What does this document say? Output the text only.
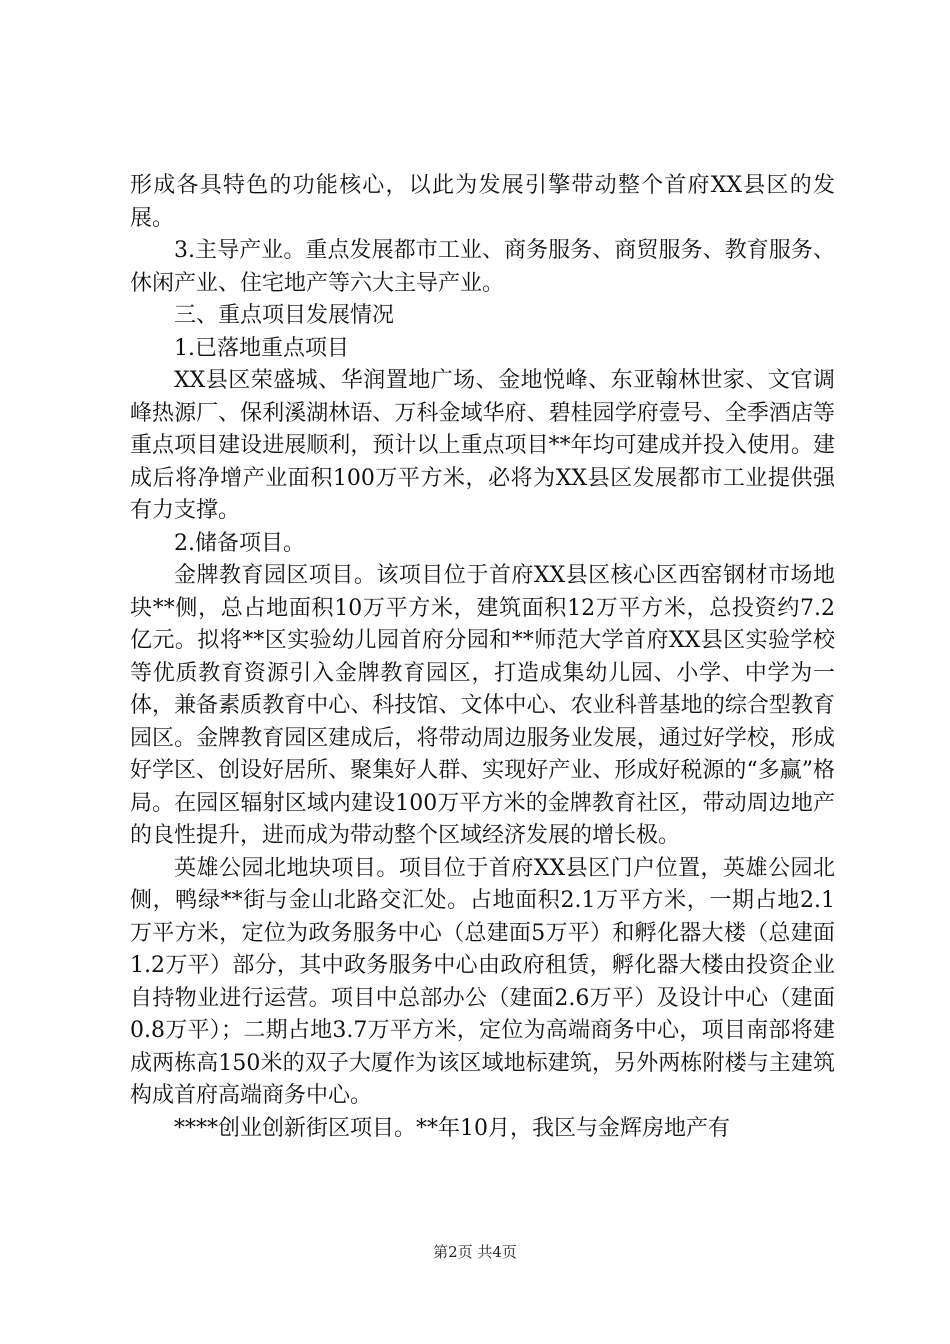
形成各具特色的功能核心，以此为发展引擎带动整个首府XX县区的发展。

3.主导产业。重点发展都市工业、商务服务、商贸服务、教育服务、休闲产业、住宅地产等六大主导产业。

三、重点项目发展情况

1.已落地重点项目

XX县区荣盛城、华润置地广场、金地悦峰、东亚翰林世家、文官调峰热源厂、保利溪湖林语、万科金域华府、碧桂园学府壹号、全季酒店等重点项目建设进展顺利，预计以上重点项目**年均可建成并投入使用。建成后将净增产业面积100万平方米，必将为XX县区发展都市工业提供强有力支撑。

2.储备项目。

金牌教育园区项目。该项目位于首府XX县区核心区西窑钢材市场地块**侧，总占地面积10万平方米，建筑面积12万平方米，总投资约7.2亿元。拟将**区实验幼儿园首府分园和**师范大学首府XX县区实验学校等优质教育资源引入金牌教育园区，打造成集幼儿园、小学、中学为一体，兼备素质教育中心、科技馆、文体中心、农业科普基地的综合型教育园区。金牌教育园区建成后，将带动周边服务业发展，通过好学校，形成好学区、创设好居所、聚集好人群、实现好产业、形成好税源的“多赢”格局。在园区辐射区域内建设100万平方米的金牌教育社区，带动周边地产的良性提升，进而成为带动整个区域经济发展的增长极。

英雄公园北地块项目。项目位于首府XX县区门户位置，英雄公园北侧，鸭绿**街与金山北路交汇处。占地面积2.1万平方米，一期占地2.1万平方米，定位为政务服务中心（总建面5万平）和孵化器大楼（总建面1.2万平）部分，其中政务服务中心由政府租赁，孵化器大楼由投资企业自持物业进行运营。项目中总部办公（建面2.6万平）及设计中心（建面0.8万平）；二期占地3.7万平方米，定位为高端商务中心，项目南部将建成两栋高150米的双子大厦作为该区域地标建筑，另外两栋附楼与主建筑构成首府高端商务中心。

****创业创新街区项目。**年10月，我区与金辉房地产有

第2页 共4页
